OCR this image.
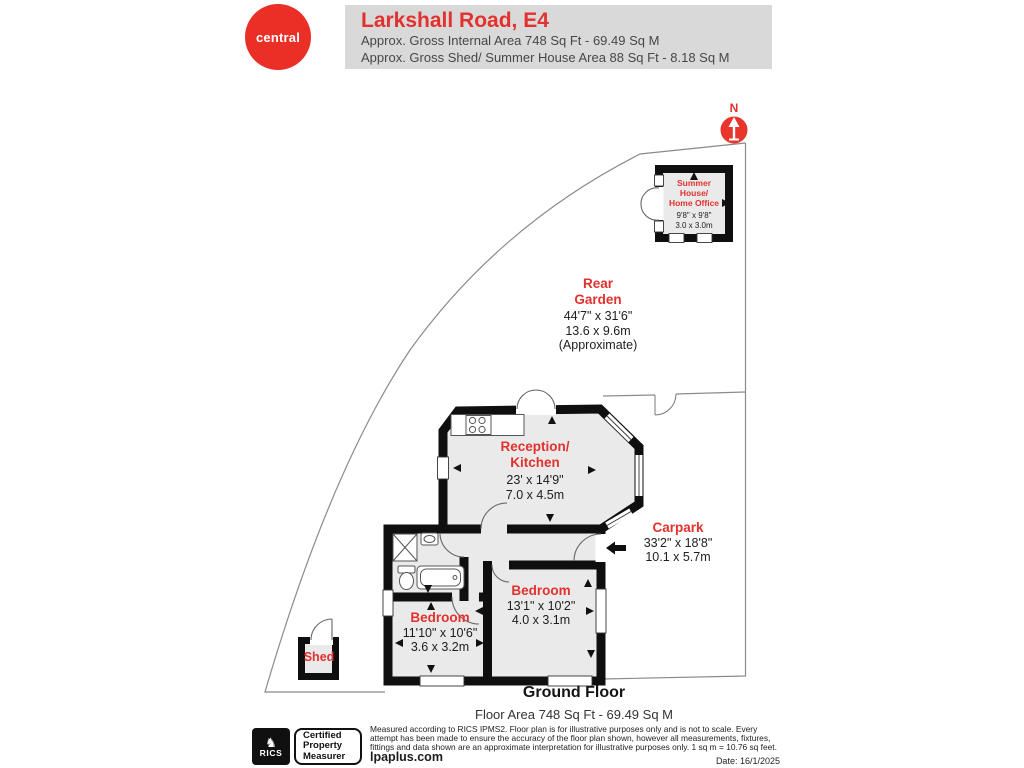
central
Larkshall Road, E4
Approx. Gross Internal Area 748 Sq Ft - 69.49 Sq M
Approx. Gross Shed/ Summer House Area 88 Sq Ft - 8.18 Sq M
N
Summer
House/
Home Office
9'8" x 9'8"
3.0 x 3.0m
Rear
Garden
44'7" x 31'6"
13.6 x 9.6m
(Approximate)
Reception/
Kitchen
23' x 14'9"
7.0 x 4.5m
Carpark
33'2" x 18'8"
10.1 x 5.7m
Bedroom
13'1" x 10'2"
4.0 x 3.1m
Bedroom
11'10" x 10'6"
3.6 x 3.2m
Shed
Ground Floor
Floor Area 748 Sq Ft - 69.49 Sq M
♞
RICS
Certified
Property
Measurer
Measured according to RICS IPMS2. Floor plan is for illustrative purposes only and is not to scale. Every attempt has been made to ensure the accuracy of the floor plan shown, however all measurements, fixtures, fittings and data shown are an approximate interpretation for illustrative purposes only. 1 sq m = 10.76 sq feet.
lpaplus.com	Date: 16/1/2025
